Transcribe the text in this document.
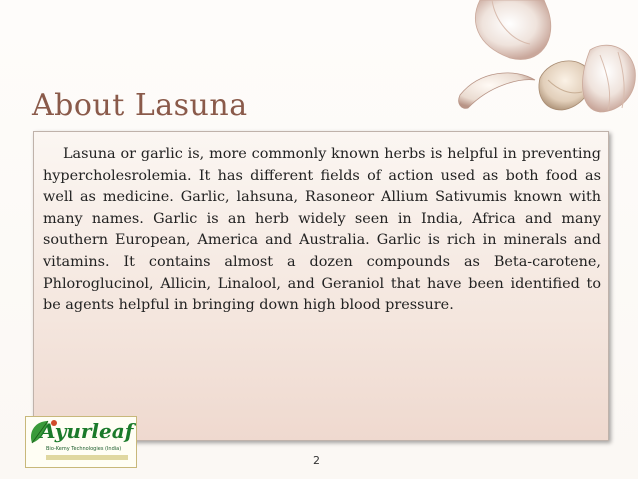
About Lasuna

Lasuna or garlic is, more commonly known herbs is helpful in preventing hypercholesrolemia. It has different fields of action used as both food as well as medicine. Garlic, lahsuna, Rasoneor Allium Sativumis known with many names. Garlic is an herb widely seen in India, Africa and many southern European, America and Australia. Garlic is rich in minerals and vitamins. It contains almost a dozen compounds as Beta-carotene, Phloroglucinol, Allicin, Linalool, and Geraniol that have been identified to be agents helpful in bringing down high blood pressure.

Ayurleaf
Bio-Kemy Technologies (India)
2
